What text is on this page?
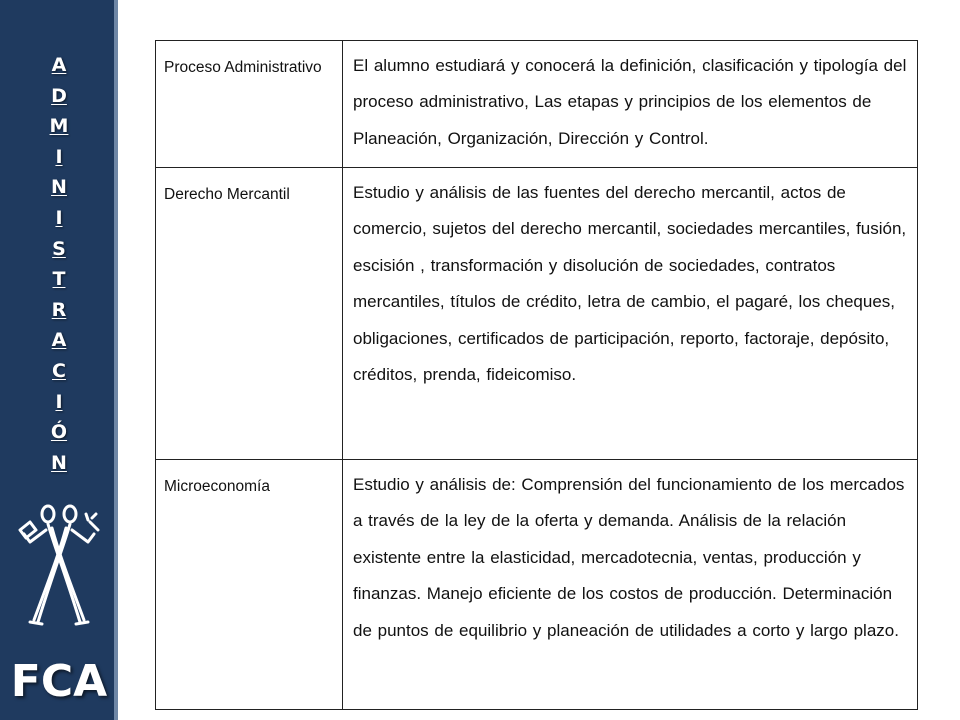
A
D
M
I
N
I
S
T
R
A
C
I
Ó
N
FCA
Proceso Administrativo	El alumno estudiará y conocerá la definición, clasificación y tipología del proceso administrativo, Las etapas y principios de los elementos de Planeación, Organización, Dirección y Control.
Derecho Mercantil	Estudio y análisis de las fuentes del derecho mercantil, actos de comercio, sujetos del derecho mercantil, sociedades mercantiles, fusión, escisión , transformación y disolución de sociedades, contratos mercantiles, títulos de crédito, letra de cambio, el pagaré, los cheques, obligaciones, certificados de participación, reporto, factoraje, depósito, créditos, prenda, fideicomiso.
Microeconomía	Estudio y análisis de: Comprensión del funcionamiento de los mercados a través de la ley de la oferta y demanda. Análisis de la relación existente entre la elasticidad, mercadotecnia, ventas, producción y finanzas. Manejo eficiente de los costos de producción. Determinación de puntos de equilibrio y planeación de utilidades a corto y largo plazo.
